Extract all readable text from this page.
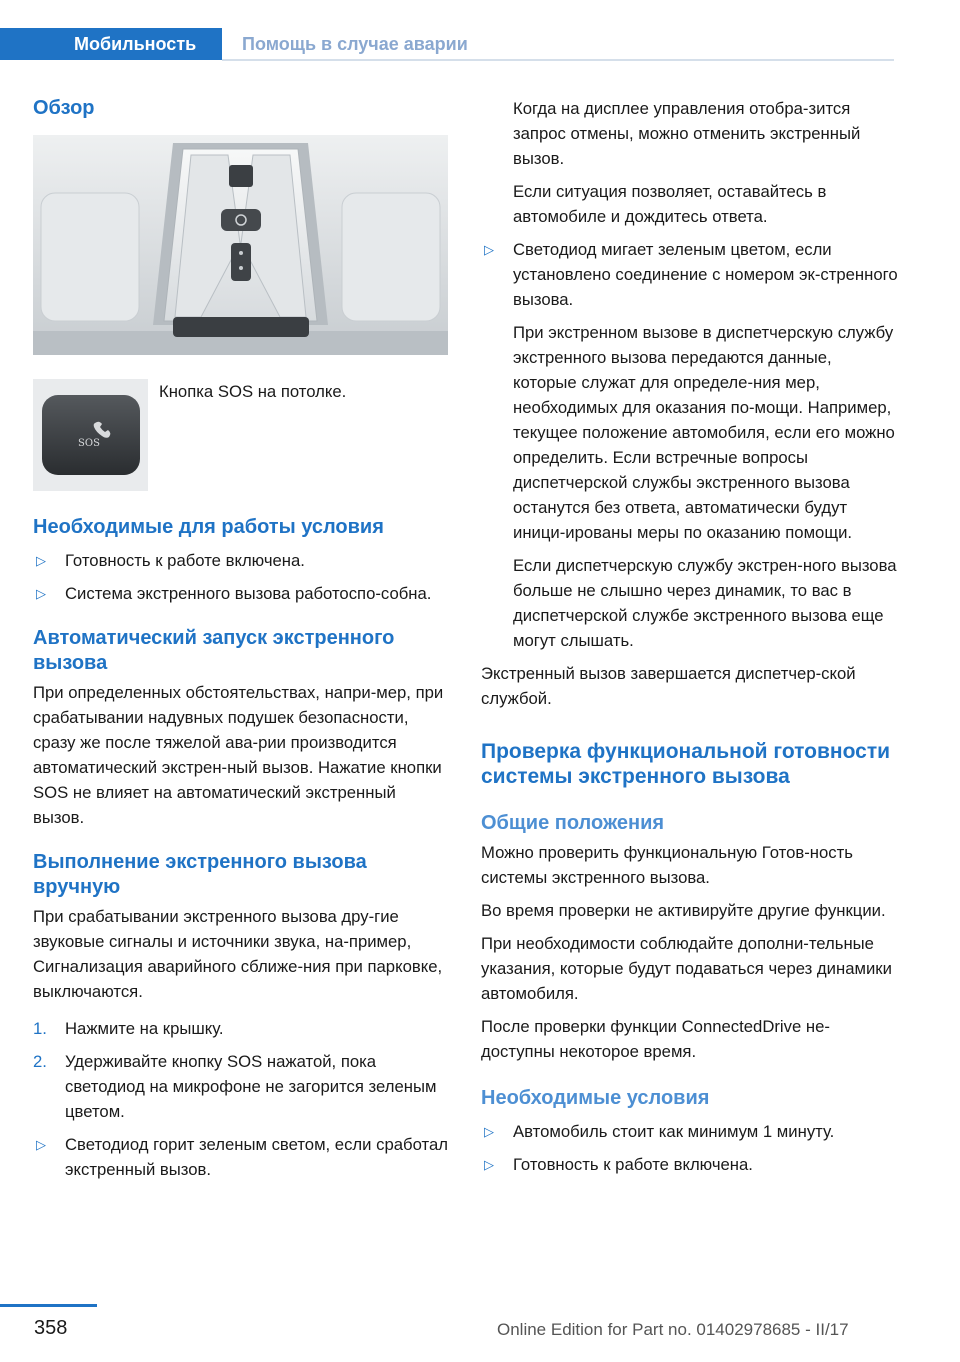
Мобильность	Помощь в случае аварии
Обзор
SOS
Кнопка SOS на потолке.
Необходимые для работы условия
▷	Готовность к работе включена.
▷	Система экстренного вызова работоспо-собна.
Автоматический запуск экстренного вызова

При определенных обстоятельствах, напри-мер, при срабатывании надувных подушек безопасности, сразу же после тяжелой ава-рии производится автоматический экстрен-ный вызов. Нажатие кнопки SOS не влияет на автоматический экстренный вызов.

Выполнение экстренного вызова вручную

При срабатывании экстренного вызова дру-гие звуковые сигналы и источники звука, на-пример, Сигнализация аварийного сближе-ния при парковке, выключаются.

1.	Нажмите на крышку.
2.	Удерживайте кнопку SOS нажатой, пока светодиод на микрофоне не загорится зеленым цветом.
▷	Светодиод горит зеленым светом, если сработал экстренный вызов.

Когда на дисплее управления отобра-зится запрос отмены, можно отменить экстренный вызов.

Если ситуация позволяет, оставайтесь в автомобиле и дождитесь ответа.

▷	Светодиод мигает зеленым цветом, если установлено соединение с номером эк-стренного вызова.

При экстренном вызове в диспетчерскую службу экстренного вызова передаются данные, которые служат для определе-ния мер, необходимых для оказания по-мощи. Например, текущее положение автомобиля, если его можно определить. Если встречные вопросы диспетчерской службы экстренного вызова останутся без ответа, автоматически будут иници-ированы меры по оказанию помощи.

Если диспетчерскую службу экстрен-ного вызова больше не слышно через динамик, то вас в диспетчерской службе экстренного вызова еще могут слышать.

Экстренный вызов завершается диспетчер-ской службой.

Проверка функциональной готовности системы экстренного вызова
Общие положения

Можно проверить функциональную Готов-ность системы экстренного вызова.

Во время проверки не активируйте другие функции.

При необходимости соблюдайте дополни-тельные указания, которые будут подаваться через динамики автомобиля.

После проверки функции ConnectedDrive не-доступны некоторое время.

Необходимые условия
▷	Автомобиль стоит как минимум 1 минуту.
▷	Готовность к работе включена.
358	Online Edition for Part no. 01402978685 - II/17
